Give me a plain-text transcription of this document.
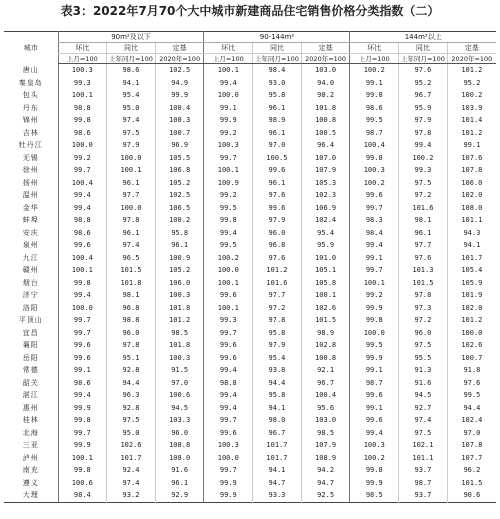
表3：2022年7月70个大中城市新建商品住宅销售价格分类指数（二）
城市	90m²及以下			90-144m²			144m²以上		
	环比	同比	定基	环比	同比	定基	环比	同比	定基
	上月=100	上年同月=100	2020年=100	上月=100	上年同月=100	2020年=100	上月=100	上年同月=100	2020年=100
唐山	100.3	98.6	102.5	100.1	98.4	103.0	100.2	97.6	101.2
秦皇岛	99.3	94.1	94.9	99.4	93.0	94.0	99.1	95.2	95.2
包头	100.1	95.4	99.9	100.0	95.8	98.2	99.8	96.7	100.2
丹东	98.8	95.0	100.4	99.1	96.1	101.8	98.6	95.9	103.9
锦州	99.8	97.4	100.3	99.9	98.9	100.8	99.5	97.9	101.4
吉林	98.6	97.5	100.7	99.2	96.1	100.5	98.7	97.8	101.2
牡丹江	100.0	97.9	96.9	100.3	97.0	96.4	100.4	99.4	99.1
无锡	99.2	100.0	105.5	99.7	100.5	107.0	99.8	100.2	107.6
徐州	99.7	100.1	106.8	100.1	99.6	107.9	100.3	99.3	107.8
扬州	100.4	96.1	105.2	100.9	96.1	105.3	100.2	97.5	106.0
温州	99.4	97.7	102.5	99.2	97.6	102.3	99.6	97.2	102.0
金华	99.4	100.0	106.5	99.5	99.6	106.9	99.7	101.6	108.0
蚌埠	98.8	97.8	100.2	99.8	97.9	102.4	98.3	98.1	101.1
安庆	98.6	96.1	95.8	99.4	96.0	95.4	98.4	96.1	94.3
泉州	99.6	97.4	96.1	99.5	96.8	95.9	99.4	97.7	94.1
九江	100.4	96.5	100.9	100.2	97.6	101.0	99.1	97.6	101.7
赣州	100.1	101.5	105.2	100.0	101.2	105.1	99.7	101.3	105.4
烟台	99.8	101.8	106.0	100.1	101.6	105.8	100.1	101.5	105.9
济宁	99.4	98.1	100.3	99.6	97.7	100.1	99.2	97.8	101.9
洛阳	100.0	96.8	101.8	100.1	97.2	102.6	99.9	97.3	102.0
平顶山	99.7	98.8	101.2	99.3	97.8	101.5	99.8	97.2	101.2
宜昌	99.7	96.0	98.5	99.7	95.8	98.9	100.0	96.0	100.0
襄阳	99.6	97.8	101.8	99.6	97.9	102.8	99.5	97.5	102.6
岳阳	99.6	95.1	100.3	99.6	95.4	100.8	99.9	95.5	100.7
常德	99.1	92.8	91.5	99.4	93.8	92.1	99.1	91.3	91.8
韶关	98.6	94.4	97.0	98.8	94.4	96.7	98.7	91.6	97.6
湛江	99.4	96.3	100.6	99.4	95.8	100.4	99.6	94.5	99.5
惠州	99.9	92.8	94.5	99.4	94.1	95.6	99.1	92.7	94.4
桂林	99.8	97.5	103.3	99.7	98.0	103.0	99.6	97.4	102.4
北海	99.7	95.0	96.0	99.6	96.7	98.5	99.4	97.5	97.0
三亚	99.9	102.6	108.8	100.3	101.7	107.9	100.3	102.1	107.8
泸州	100.1	101.7	108.0	100.0	101.7	108.9	100.2	101.1	107.7
南充	99.8	92.4	91.6	99.7	94.1	94.2	99.8	93.7	96.2
遵义	100.6	97.4	96.1	99.9	94.7	94.7	99.9	98.7	101.5
大理	98.4	93.2	92.9	99.9	93.3	92.5	98.5	93.7	90.6
